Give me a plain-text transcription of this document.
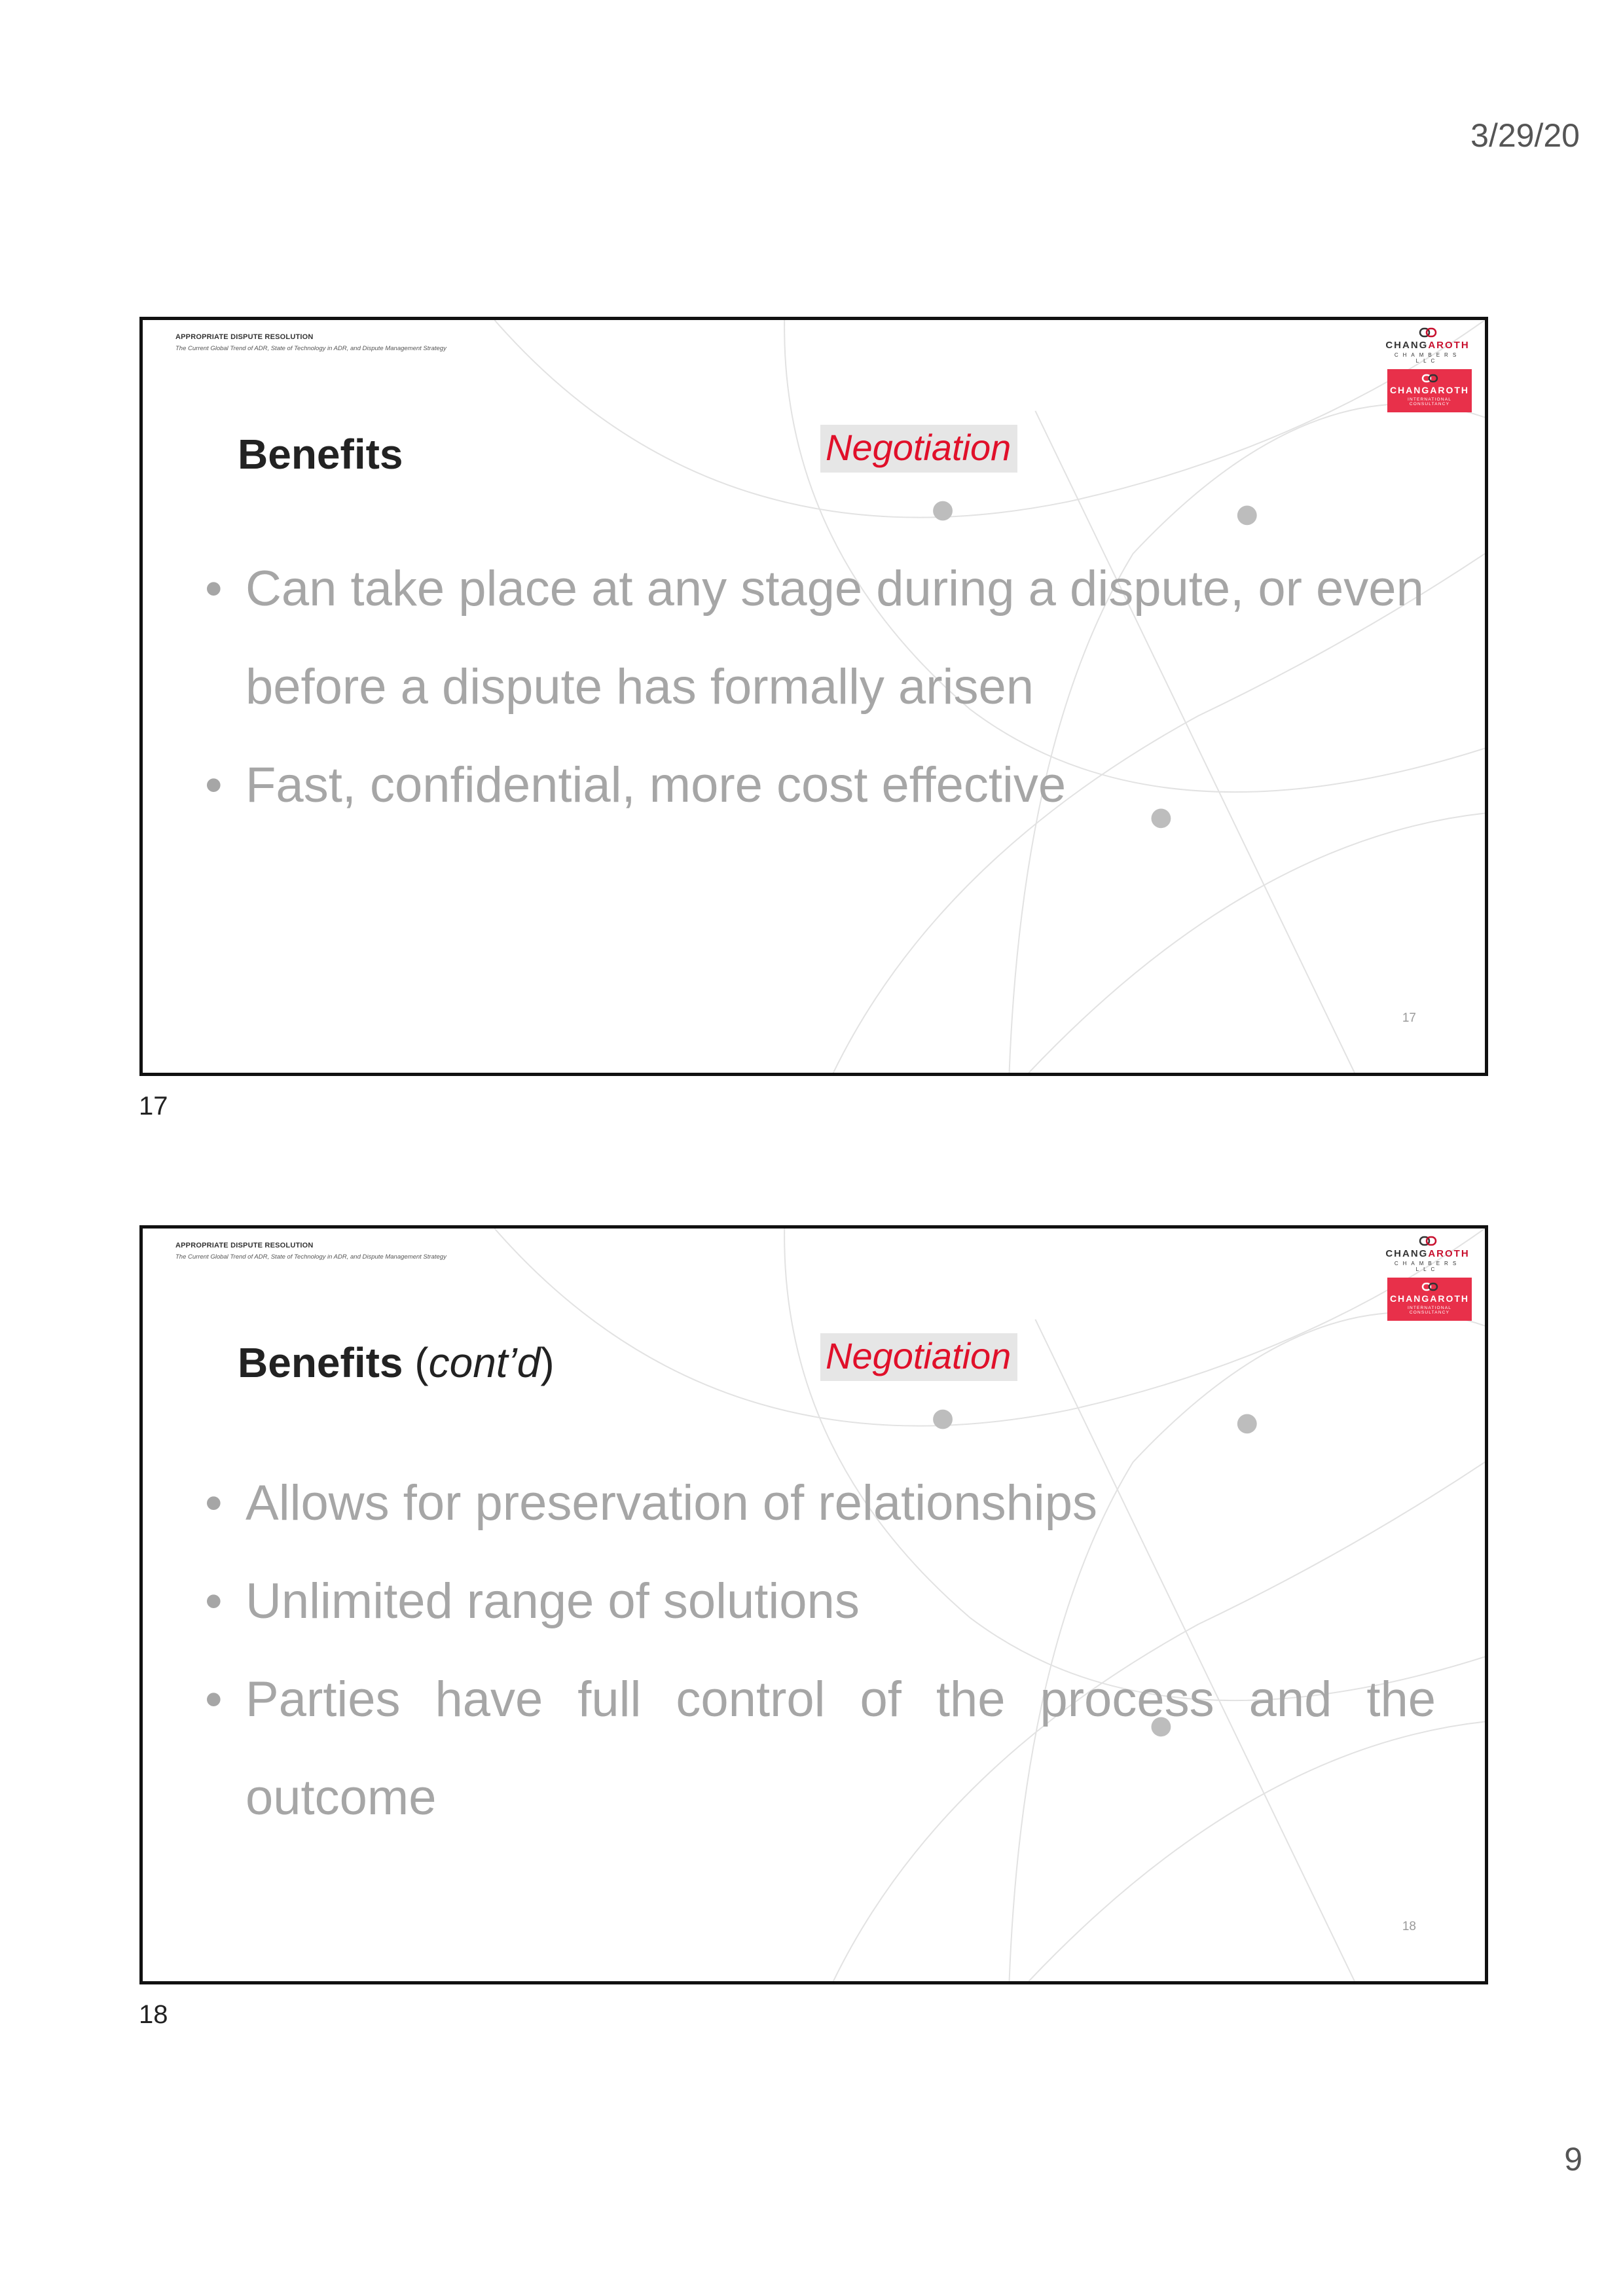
3/29/20
APPROPRIATE DISPUTE RESOLUTION
The Current Global Trend of ADR, State of Technology in ADR, and Dispute Management Strategy	CHANGAROTH
CHAMBERS LLC
CHANGAROTH
INTERNATIONAL CONSULTANCY
Benefits	Negotiation
• Can take place at any stage during a dispute, or even before a dispute has formally arisen
• Fast, confidential, more cost effective
17
17
APPROPRIATE DISPUTE RESOLUTION
The Current Global Trend of ADR, State of Technology in ADR, and Dispute Management Strategy	CHANGAROTH
CHAMBERS LLC
CHANGAROTH
INTERNATIONAL CONSULTANCY
Benefits (cont’d)	Negotiation
• Allows for preservation of relationships
• Unlimited range of solutions
• Parties have full control of the process and the outcome
18
18
9
